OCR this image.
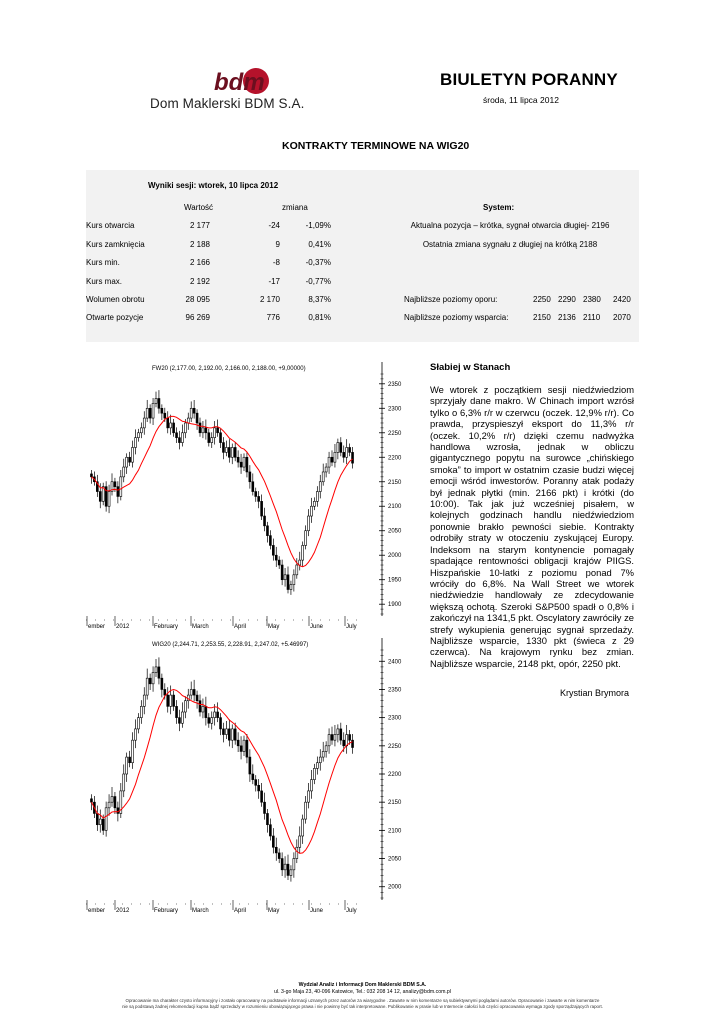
bdm
Dom Maklerski BDM S.A.
BIULETYN PORANNY
środa, 11 lipca 2012
KONTRAKTY TERMINOWE NA WIG20
Wyniki sesji: wtorek, 10 lipca 2012
Wartość	zmiana	System:
Kurs otwarcia	2 177	-24	-1,09%
Kurs zamknięcia	2 188	9	0,41%
Kurs min.	2 166	-8	-0,37%
Kurs max.	2 192	-17	-0,77%
Wolumen obrotu	28 095	2 170	8,37%
Otwarte pozycje	96 269	776	0,81%
Aktualna pozycja – krótka, sygnał otwarcia długiej- 2196
Ostatnia zmiana sygnału z długiej na krótką 2188
Najbliższe poziomy oporu:	2250 2290 2380 2420
Najbliższe poziomy wsparcia:	2150 2136 2110 2070
FW20 (2,177.00, 2,192.00, 2,166.00, 2,188.00, +9,00000)
1900
1950
2000
2050
2100
2150
2200
2250
2300
2350
ember 2012	February March	April	May	June	July
WIG20 (2,244.71, 2,253.55, 2,228.91, 2,247.02, +5.46997)
2000
2050
2100
2150
2200
2250
2300
2350
2400
ember 2012	February March	April	May	June	July
Słabiej w Stanach

We wtorek z początkiem sesji niedźwiedziom sprzyjały dane makro. W Chinach import wzrósł tylko o 6,3% r/r w czerwcu (oczek. 12,9% r/r). Co prawda, przyspieszył eksport do 11,3% r/r (oczek. 10,2% r/r) dzięki czemu nadwyżka handlowa wzrosła, jednak w obliczu gigantycznego popytu na surowce „chińskiego smoka” to import w ostatnim czasie budzi więcej emocji wśród inwestorów. Poranny atak podaży był jednak płytki (min. 2166 pkt) i krótki (do 10:00). Tak jak już wcześniej pisałem, w kolejnych godzinach handlu niedźwiedziom ponownie brakło pewności siebie. Kontrakty odrobiły straty w otoczeniu zyskującej Europy. Indeksom na starym kontynencie pomagały spadające rentowności obligacji krajów PIIGS. Hiszpańskie 10-latki z poziomu ponad 7% wróciły do 6,8%. Na Wall Street we wtorek niedźwiedzie handlowały ze zdecydowanie większą ochotą. Szeroki S&P500 spadł o 0,8% i zakończył na 1341,5 pkt. Oscylatory zawróciły ze strefy wykupienia generując sygnał sprzedaży. Najbliższe wsparcie, 1330 pkt (świeca z 29 czerwca). Na krajowym rynku bez zmian. Najbliższe wsparcie, 2148 pkt, opór, 2250 pkt.

Krystian Brymora
Wydział Analiz i Informacji Dom Maklerski BDM S.A.
ul. 3-go Maja 23, 40-096 Katowice, Tel.: 032 208 14 12, analizy@bdm.com.pl
Opracowanie ma charakter czysto informacyjny i zostało opracowany na podstawie informacji uznanych przez autorów za wiarygodne . Zawarte w nim komentarze są subiektywnymi poglądami autorów. Opracowanie i zawarte w nim komentarze
nie są podstawą żadnej rekomendacji kupna bądź sprzedaży w rozumieniu obowiązującego prawa i nie powinny być tak interpretowane. Publikowanie w prasie lub w Internecie całości lub części opracowania wymaga zgody sporządzających raport.
